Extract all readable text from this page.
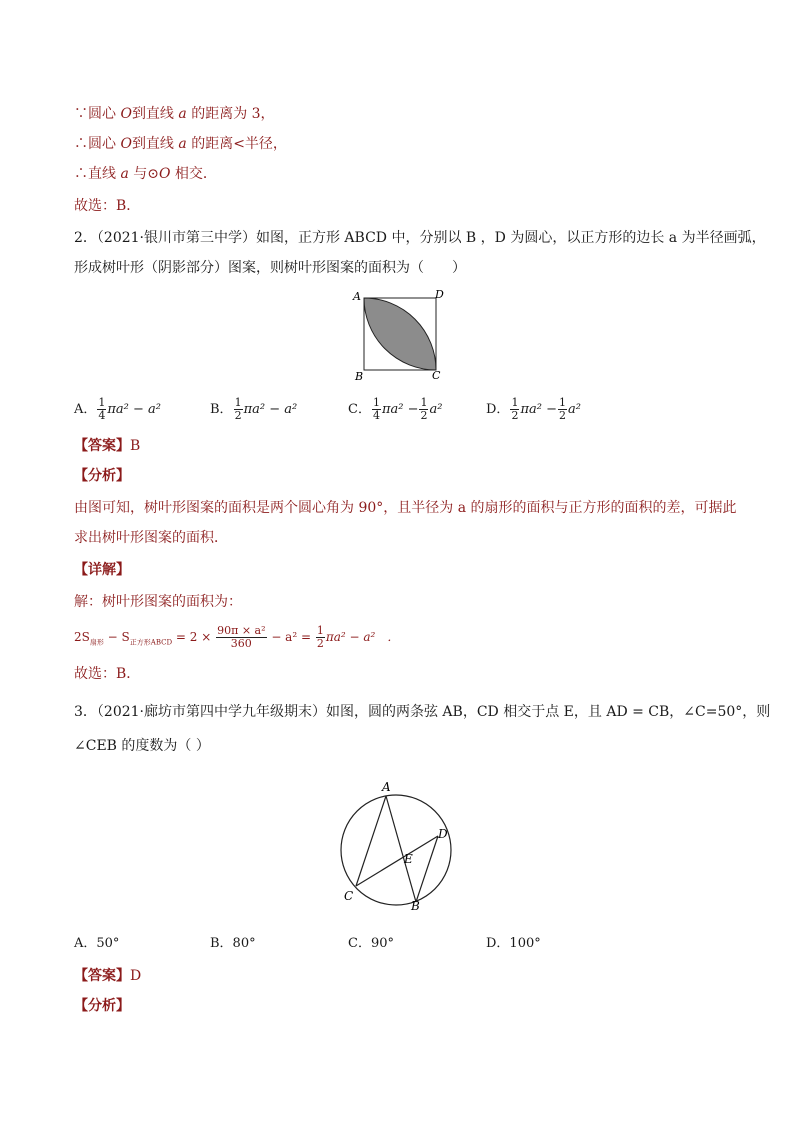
∵圆心 O到直线 a 的距离为 3，
∴圆心 O到直线 a 的距离<半径，
∴直线 a 与⊙O 相交．
故选：B．
2．（2021·银川市第三中学）如图，正方形 ABCD 中，分别以 B ，D 为圆心，以正方形的边长 a 为半径画弧，
形成树叶形（阴影部分）图案，则树叶形图案的面积为（　　）
A	D
B	C
A． $\frac{1}{4} \pi a^2 - a^2$	B． $\frac{1}{2} \pi a^2 - a^2$	C． $\frac{1}{4} \pi a^2 - \frac{1}{2} a^2$	D． $\frac{1}{2} \pi a^2 - \frac{1}{2} a^2$
【答案】B
【分析】
由图可知，树叶形图案的面积是两个圆心角为 90°，且半径为 a 的扇形的面积与正方形的面积的差，可据此
求出树叶形图案的面积．
【详解】
解：树叶形图案的面积为：
$2S_{扇形} - S_{正方形ABCD} = 2 \times \frac{\text{90π × a²}}{360} - a^2 = \frac{1}{2} \pi a^2 - a^2$　．
故选：B．
3．（2021·廊坊市第四中学九年级期末）如图，圆的两条弦 AB，CD 相交于点 E，且 AD = CB，∠C=50°，则
∠CEB 的度数为（ ）
A
D
E
C
B
A．50°	B．80°	C．90°	D．100°
【答案】D
【分析】
